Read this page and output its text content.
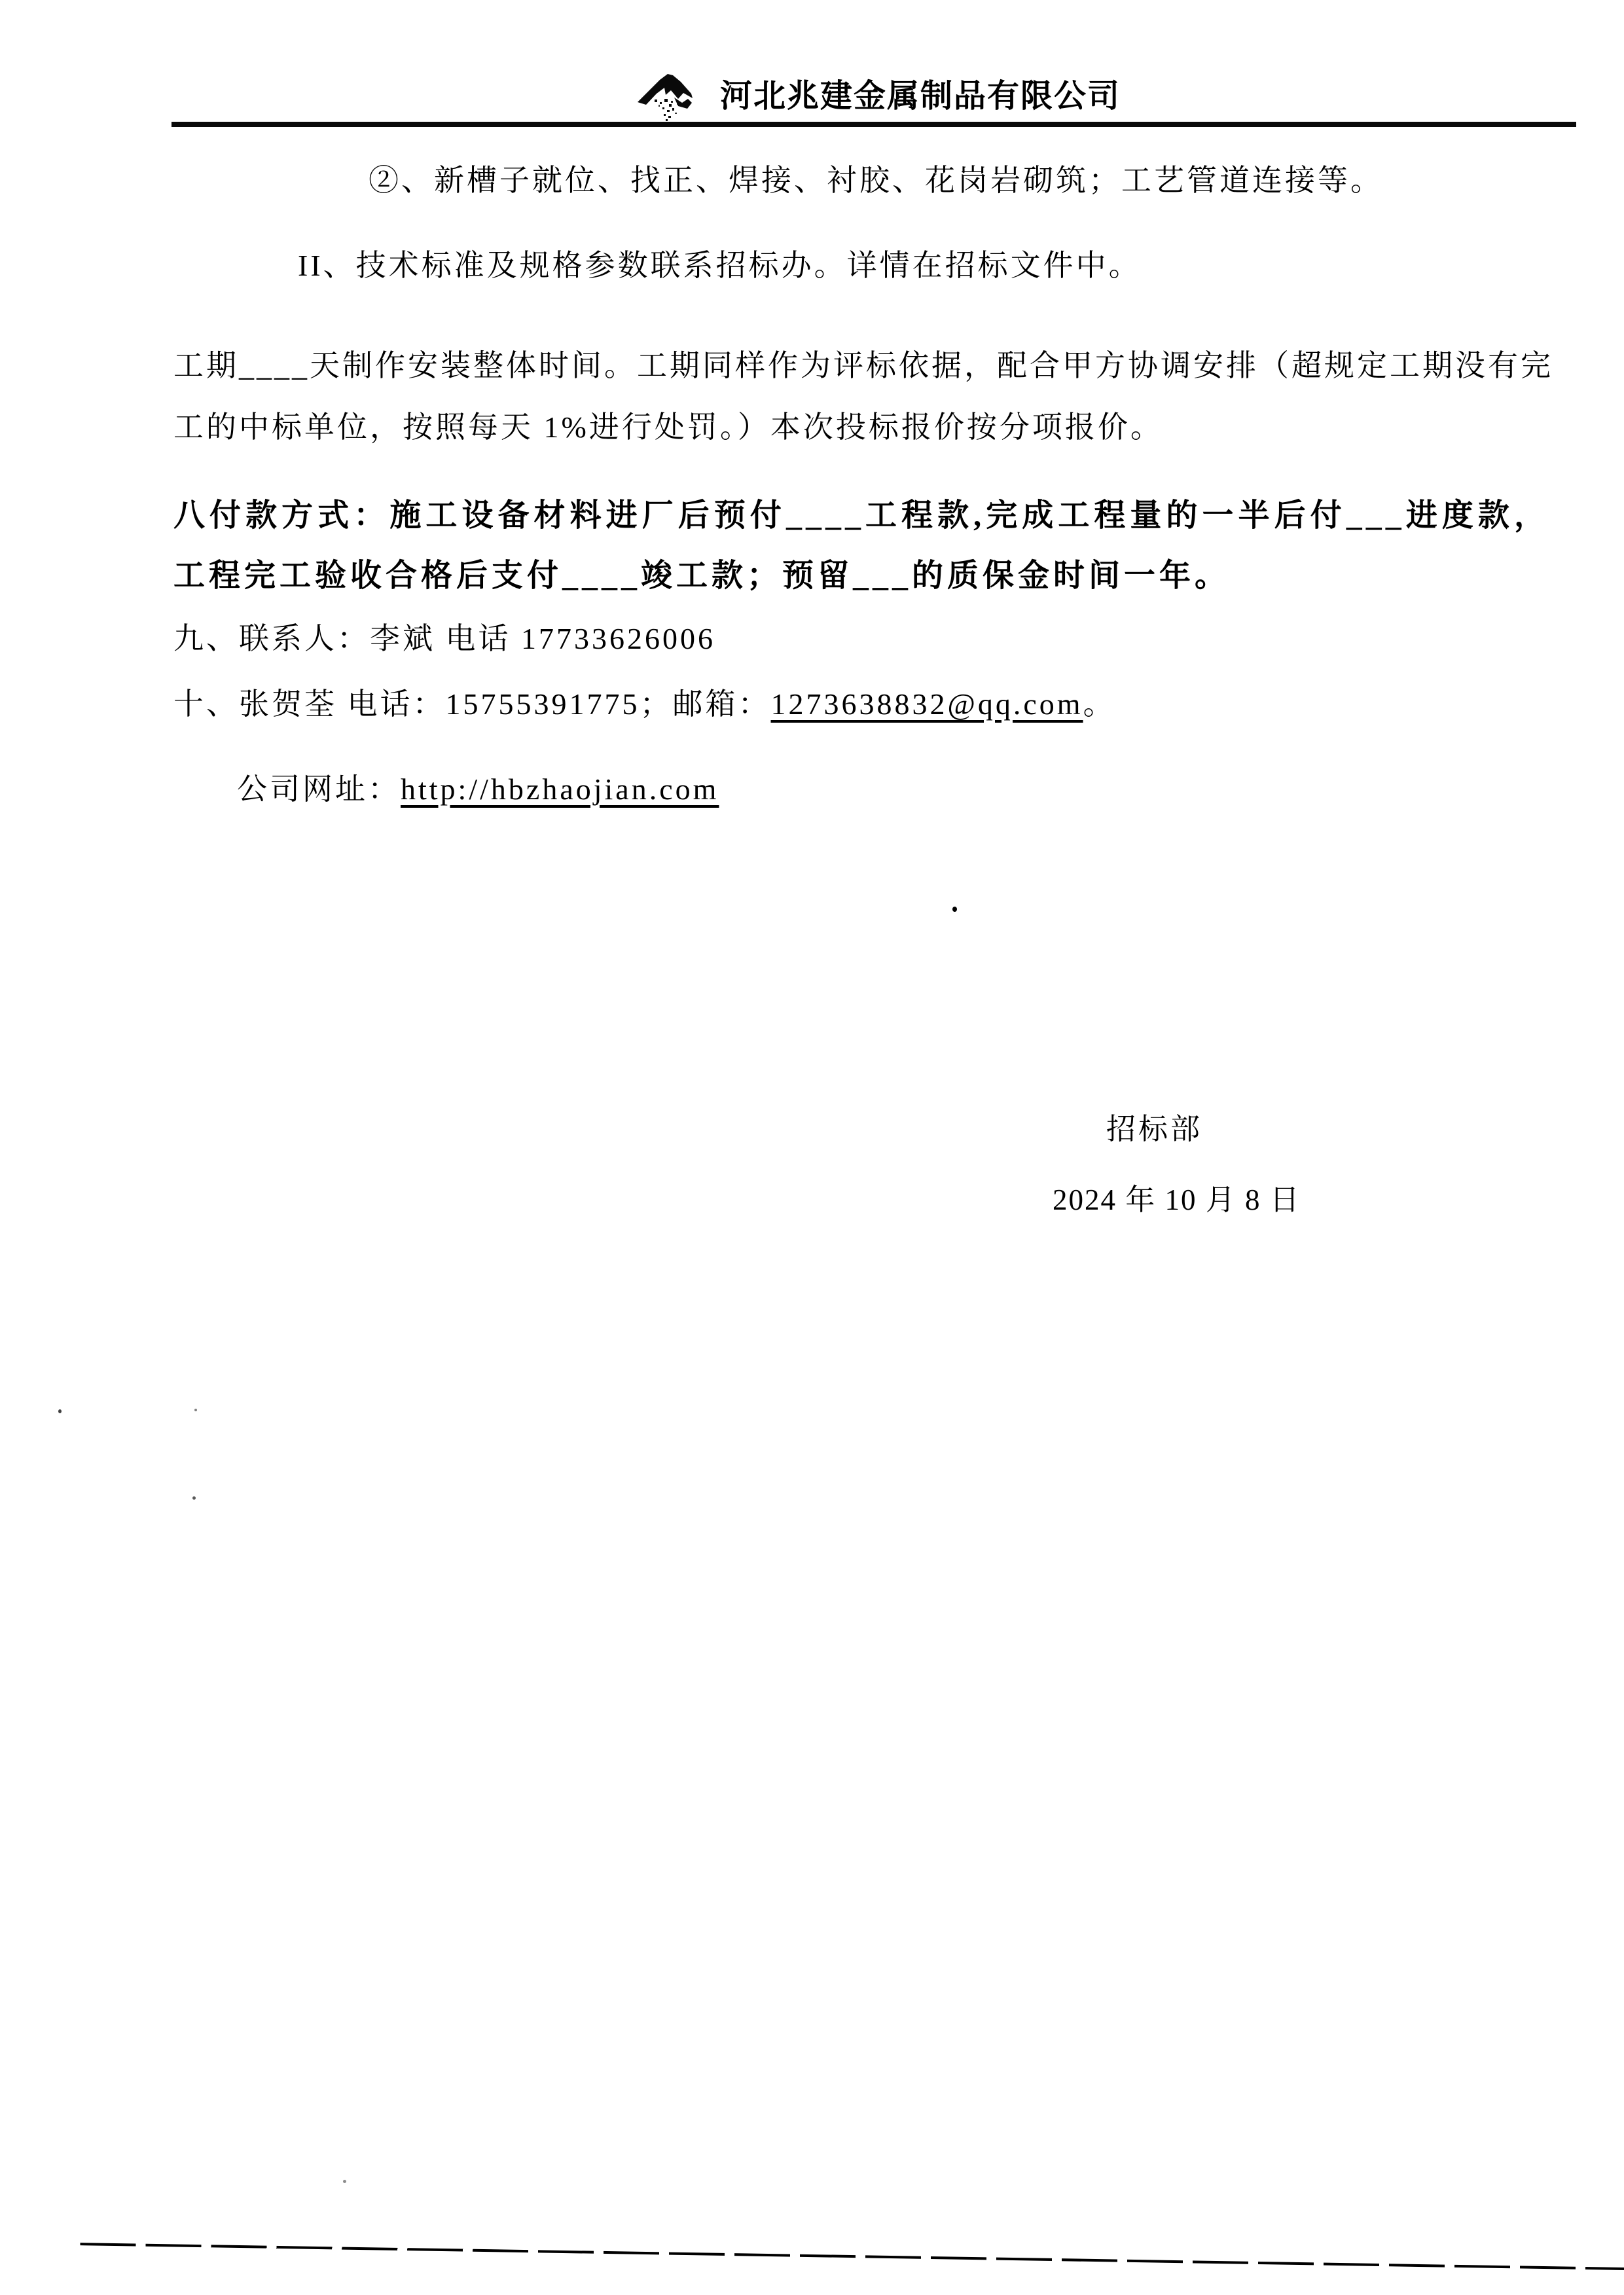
河北兆建金属制品有限公司
②、新槽子就位、找正、焊接、衬胶、花岗岩砌筑；工艺管道连接等。
II、技术标准及规格参数联系招标办。详情在招标文件中。
工期____天制作安装整体时间。工期同样作为评标依据，配合甲方协调安排（超规定工期没有完
工的中标单位，按照每天 1%进行处罚。）本次投标报价按分项报价。
八付款方式：施工设备材料进厂后预付____工程款,完成工程量的一半后付___进度款，
工程完工验收合格后支付____竣工款；预留___的质保金时间一年。
九、联系人：李斌 电话 17733626006
十、张贺荃 电话：15755391775；邮箱：1273638832@qq.com。
公司网址：http://hbzhaojian.com
招标部
2024 年 10 月 8 日
